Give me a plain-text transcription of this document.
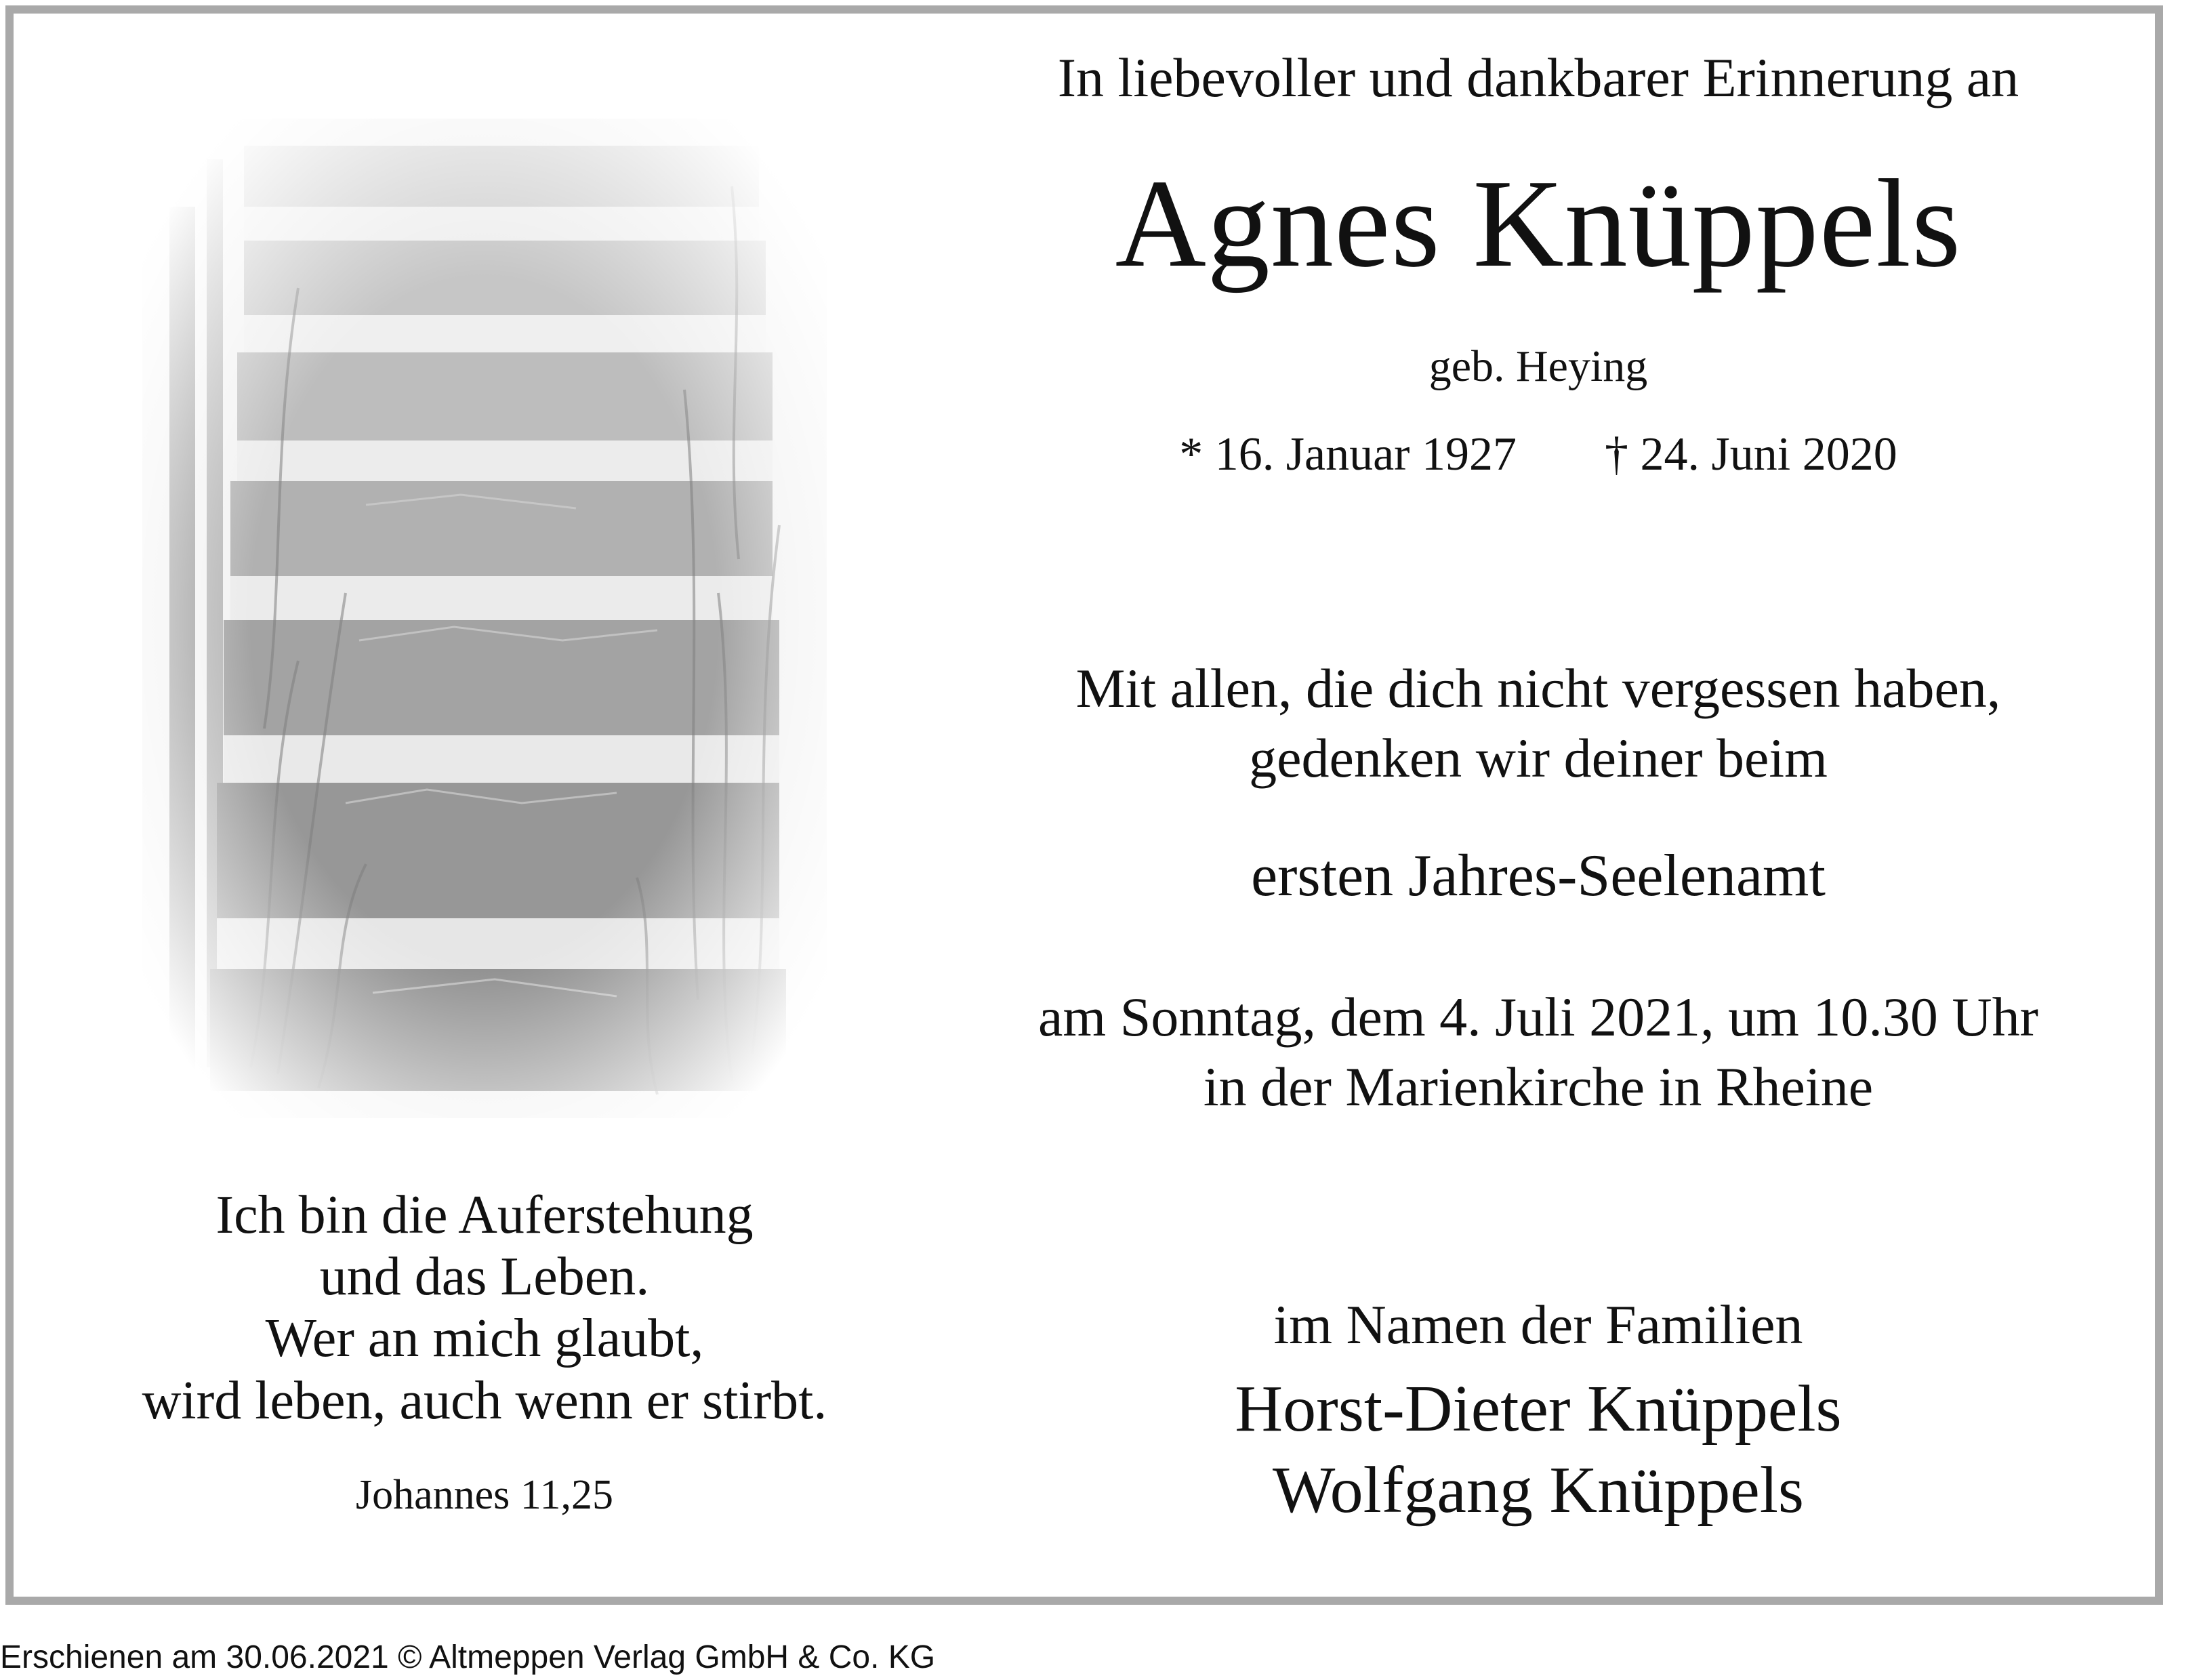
In liebevoller und dankbarer Erinnerung an
Agnes Knüppels
geb. Heying
* 16. Januar 1927 † 24. Juni 2020
Mit allen, die dich nicht vergessen haben,
gedenken wir deiner beim
ersten Jahres-Seelenamt
am Sonntag, dem 4. Juli 2021, um 10.30 Uhr
in der Marienkirche in Rheine
im Namen der Familien
Horst-Dieter Knüppels
Wolfgang Knüppels
Ich bin die Auferstehung
und das Leben.
Wer an mich glaubt,
wird leben, auch wenn er stirbt.
Johannes 11,25
Erschienen am 30.06.2021 © Altmeppen Verlag GmbH & Co. KG
